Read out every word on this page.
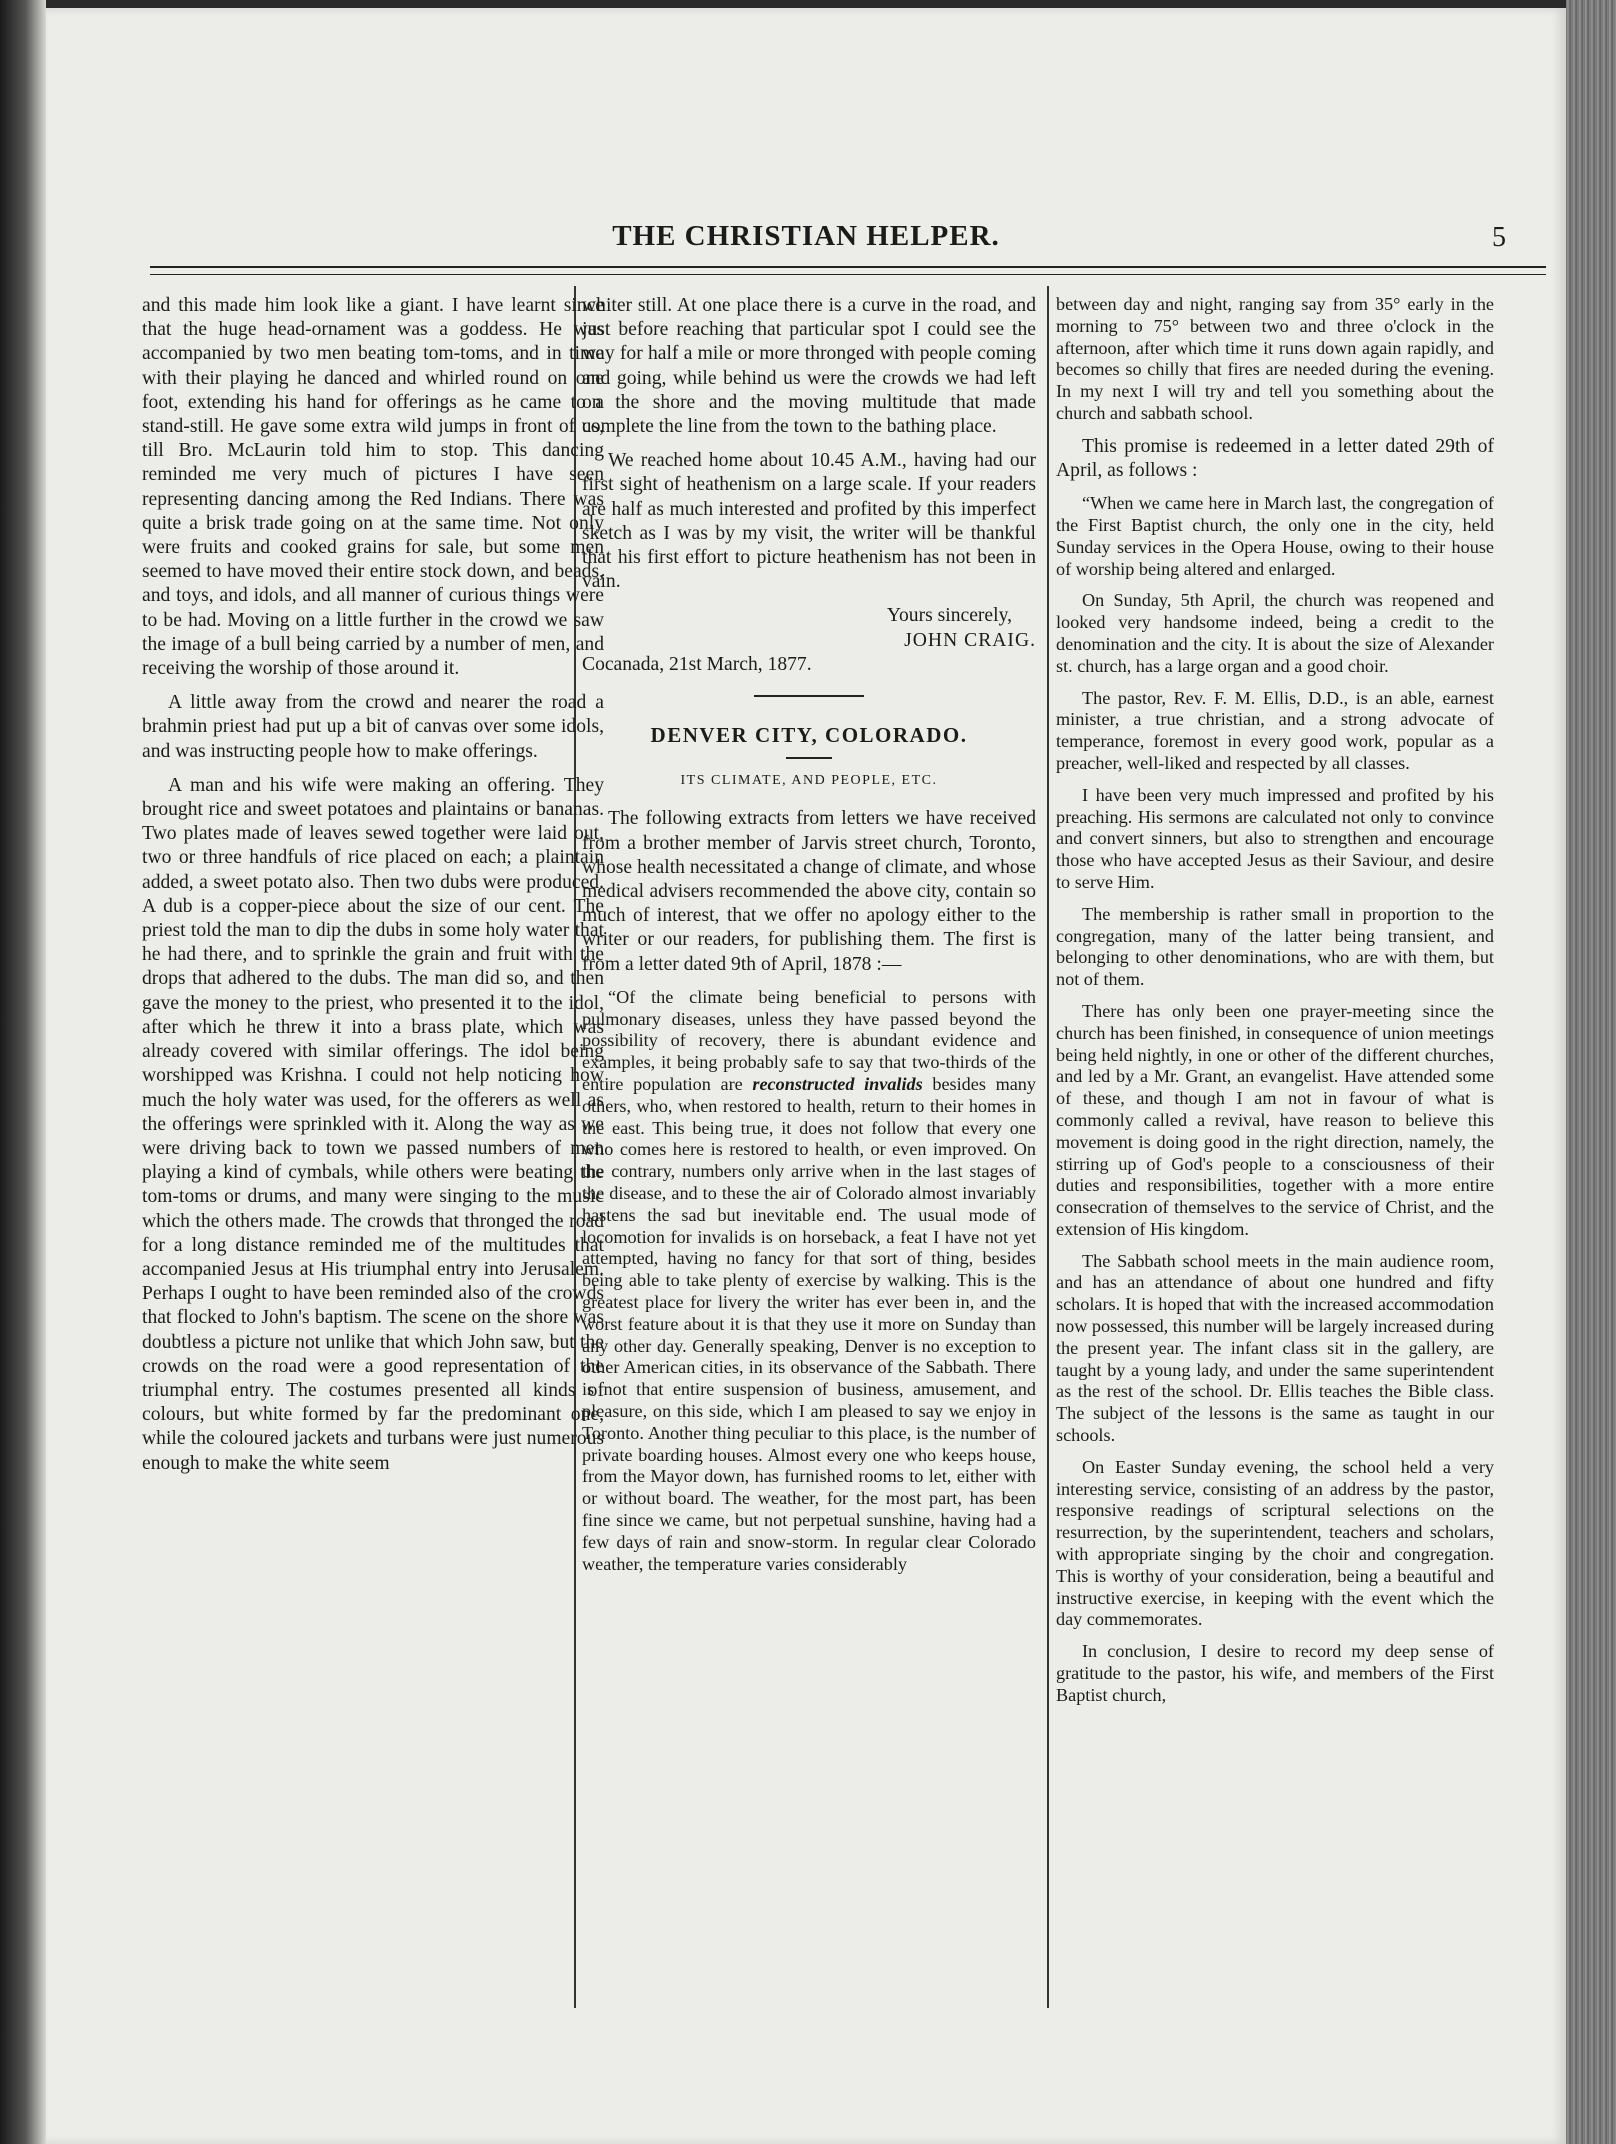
THE CHRISTIAN HELPER.	5

and this made him look like a giant. I have learnt since that the huge head-ornament was a goddess. He was accompanied by two men beating tom-toms, and in time with their playing he danced and whirled round on one foot, extending his hand for offerings as he came to a stand-still. He gave some extra wild jumps in front of us, till Bro. McLaurin told him to stop. This dancing reminded me very much of pictures I have seen representing dancing among the Red Indians. There was quite a brisk trade going on at the same time. Not only were fruits and cooked grains for sale, but some men seemed to have moved their entire stock down, and beads, and toys, and idols, and all manner of curious things were to be had. Moving on a little further in the crowd we saw the image of a bull being carried by a number of men, and receiving the worship of those around it.

A little away from the crowd and nearer the road a brahmin priest had put up a bit of canvas over some idols, and was instructing people how to make offerings.

A man and his wife were making an offering. They brought rice and sweet potatoes and plaintains or bananas. Two plates made of leaves sewed together were laid out, two or three handfuls of rice placed on each; a plaintain added, a sweet potato also. Then two dubs were produced. A dub is a copper-piece about the size of our cent. The priest told the man to dip the dubs in some holy water that he had there, and to sprinkle the grain and fruit with the drops that adhered to the dubs. The man did so, and then gave the money to the priest, who presented it to the idol, after which he threw it into a brass plate, which was already covered with similar offerings. The idol being worshipped was Krishna. I could not help noticing how much the holy water was used, for the offerers as well as the offerings were sprinkled with it. Along the way as we were driving back to town we passed numbers of men playing a kind of cymbals, while others were beating the tom-toms or drums, and many were singing to the music which the others made. The crowds that thronged the road for a long distance reminded me of the multitudes that accompanied Jesus at His triumphal entry into Jerusalem. Perhaps I ought to have been reminded also of the crowds that flocked to John's baptism. The scene on the shore was doubtless a picture not unlike that which John saw, but the crowds on the road were a good representation of the triumphal entry. The costumes presented all kinds of colours, but white formed by far the predominant one, while the coloured jackets and turbans were just numerous enough to make the white seem

whiter still. At one place there is a curve in the road, and just before reaching that particular spot I could see the way for half a mile or more thronged with people coming and going, while behind us were the crowds we had left on the shore and the moving multitude that made complete the line from the town to the bathing place.

We reached home about 10.45 A.M., having had our first sight of heathenism on a large scale. If your readers are half as much interested and profited by this imperfect sketch as I was by my visit, the writer will be thankful that his first effort to picture heathenism has not been in vain.

Yours sincerely,

JOHN CRAIG.

Cocanada, 21st March, 1877.

DENVER CITY, COLORADO.

ITS CLIMATE, AND PEOPLE, ETC.

The following extracts from letters we have received from a brother member of Jarvis street church, Toronto, whose health necessitated a change of climate, and whose medical advisers recommended the above city, contain so much of interest, that we offer no apology either to the writer or our readers, for publishing them. The first is from a letter dated 9th of April, 1878 :—

“Of the climate being beneficial to persons with pulmonary diseases, unless they have passed beyond the possibility of recovery, there is abundant evidence and examples, it being probably safe to say that two-thirds of the entire population are reconstructed invalids besides many others, who, when restored to health, return to their homes in the east. This being true, it does not follow that every one who comes here is restored to health, or even improved. On the contrary, numbers only arrive when in the last stages of the disease, and to these the air of Colorado almost invariably hastens the sad but inevitable end. The usual mode of locomotion for invalids is on horseback, a feat I have not yet attempted, having no fancy for that sort of thing, besides being able to take plenty of exercise by walking. This is the greatest place for livery the writer has ever been in, and the worst feature about it is that they use it more on Sunday than any other day. Generally speaking, Denver is no exception to other American cities, in its observance of the Sabbath. There is not that entire suspension of business, amusement, and pleasure, on this side, which I am pleased to say we enjoy in Toronto. Another thing peculiar to this place, is the number of private boarding houses. Almost every one who keeps house, from the Mayor down, has furnished rooms to let, either with or without board. The weather, for the most part, has been fine since we came, but not perpetual sunshine, having had a few days of rain and snow-storm. In regular clear Colorado weather, the temperature varies considerably

between day and night, ranging say from 35° early in the morning to 75° between two and three o'clock in the afternoon, after which time it runs down again rapidly, and becomes so chilly that fires are needed during the evening. In my next I will try and tell you something about the church and sabbath school.

This promise is redeemed in a letter dated 29th of April, as follows :

“When we came here in March last, the congregation of the First Baptist church, the only one in the city, held Sunday services in the Opera House, owing to their house of worship being altered and enlarged.

On Sunday, 5th April, the church was reopened and looked very handsome indeed, being a credit to the denomination and the city. It is about the size of Alexander st. church, has a large organ and a good choir.

The pastor, Rev. F. M. Ellis, D.D., is an able, earnest minister, a true christian, and a strong advocate of temperance, foremost in every good work, popular as a preacher, well-liked and respected by all classes.

I have been very much impressed and profited by his preaching. His sermons are calculated not only to convince and convert sinners, but also to strengthen and encourage those who have accepted Jesus as their Saviour, and desire to serve Him.

The membership is rather small in proportion to the congregation, many of the latter being transient, and belonging to other denominations, who are with them, but not of them.

There has only been one prayer-meeting since the church has been finished, in consequence of union meetings being held nightly, in one or other of the different churches, and led by a Mr. Grant, an evangelist. Have attended some of these, and though I am not in favour of what is commonly called a revival, have reason to believe this movement is doing good in the right direction, namely, the stirring up of God's people to a consciousness of their duties and responsibilities, together with a more entire consecration of themselves to the service of Christ, and the extension of His kingdom.

The Sabbath school meets in the main audience room, and has an attendance of about one hundred and fifty scholars. It is hoped that with the increased accommodation now possessed, this number will be largely increased during the present year. The infant class sit in the gallery, are taught by a young lady, and under the same superintendent as the rest of the school. Dr. Ellis teaches the Bible class. The subject of the lessons is the same as taught in our schools.

On Easter Sunday evening, the school held a very interesting service, consisting of an address by the pastor, responsive readings of scriptural selections on the resurrection, by the superintendent, teachers and scholars, with appropriate singing by the choir and congregation. This is worthy of your consideration, being a beautiful and instructive exercise, in keeping with the event which the day commemorates.

In conclusion, I desire to record my deep sense of gratitude to the pastor, his wife, and members of the First Baptist church,
